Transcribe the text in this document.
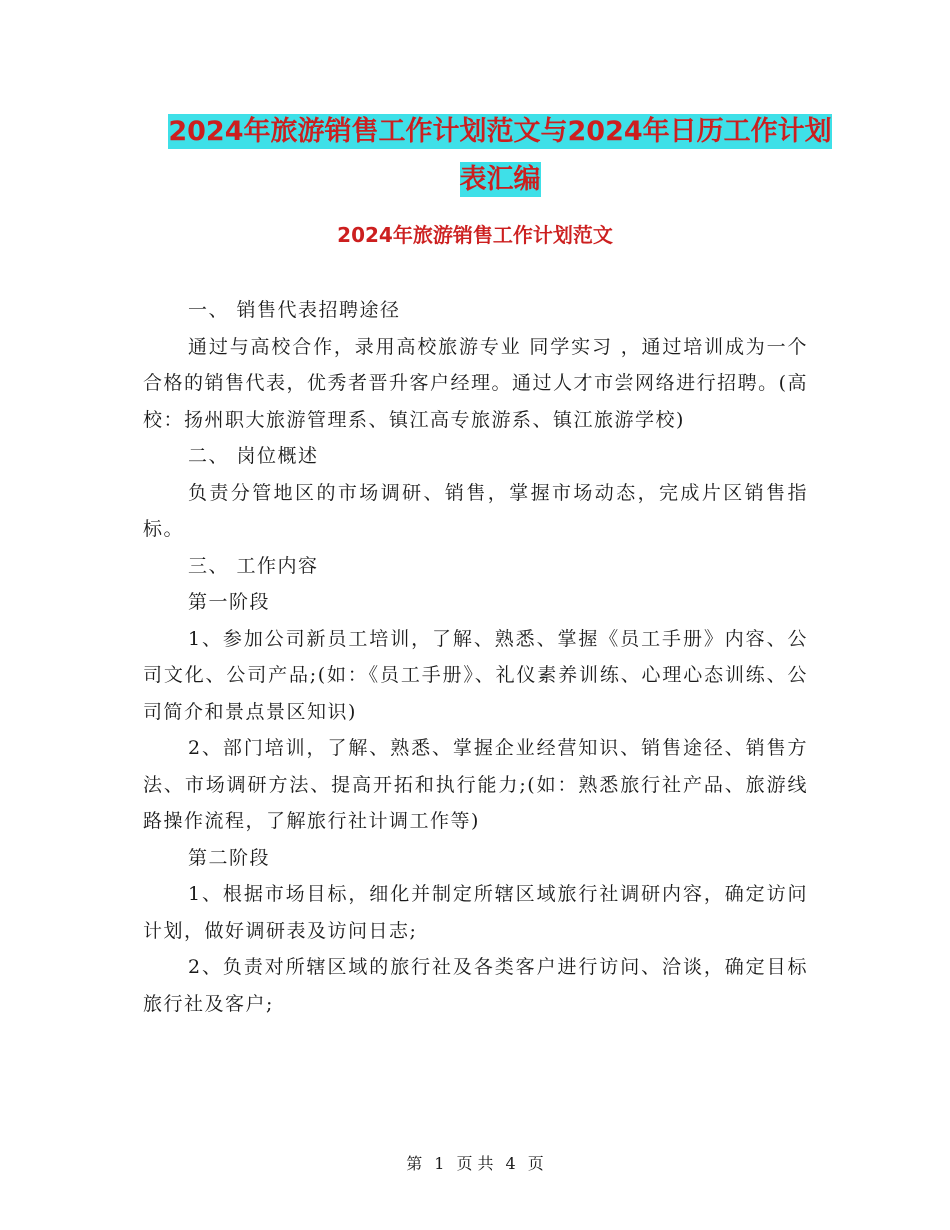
2024年旅游销售工作计划范文与2024年日历工作计划
表汇编
2024年旅游销售工作计划范文

一、 销售代表招聘途径

通过与高校合作，录用高校旅游专业 同学实习 ，通过培训成为一个合格的销售代表，优秀者晋升客户经理。通过人才市尝网络进行招聘。(高校：扬州职大旅游管理系、镇江高专旅游系、镇江旅游学校)

二、 岗位概述

负责分管地区的市场调研、销售，掌握市场动态，完成片区销售指标。

三、 工作内容

第一阶段

1、参加公司新员工培训，了解、熟悉、掌握《员工手册》内容、公司文化、公司产品;(如：《员工手册》、礼仪素养训练、心理心态训练、公司简介和景点景区知识)

2、部门培训，了解、熟悉、掌握企业经营知识、销售途径、销售方法、市场调研方法、提高开拓和执行能力;(如：熟悉旅行社产品、旅游线路操作流程，了解旅行社计调工作等)

第二阶段

1、根据市场目标，细化并制定所辖区域旅行社调研内容，确定访问计划，做好调研表及访问日志;

2、负责对所辖区域的旅行社及各类客户进行访问、洽谈，确定目标旅行社及客户;

第 1 页 共 4 页
